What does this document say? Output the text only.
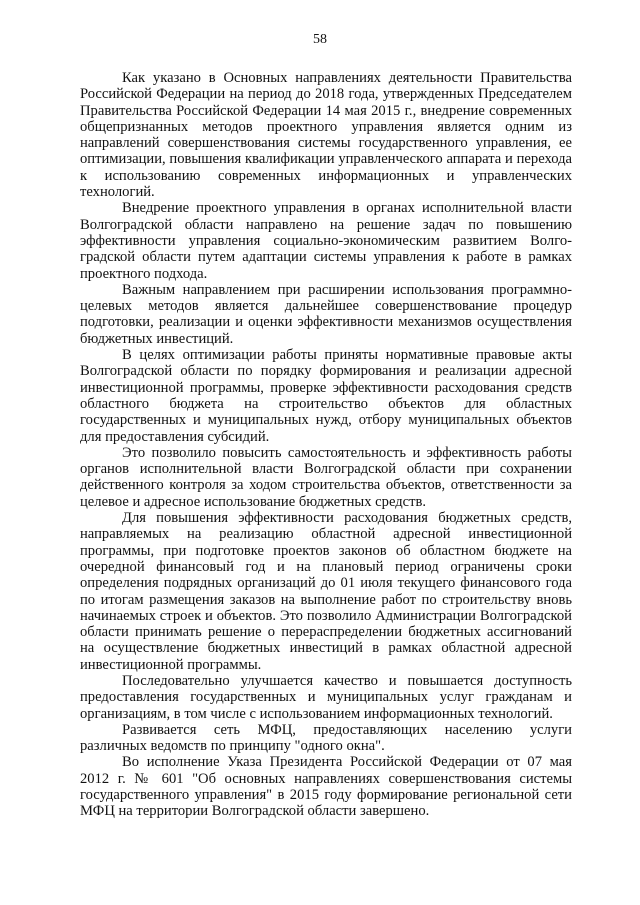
58

Как указано в Основных направлениях деятельности Правительства Российской Федерации на период до 2018 года, утвержденных Председателем Правительства Российской Федерации 14 мая 2015 г., внедрение современных общепризнанных методов проектного управления является одним из направлений совершенствования системы государственного управления, ее оптимизации, повышения квалификации управленческого аппарата и перехода к использованию современных информационных и управленческих технологий.

Внедрение проектного управления в органах исполнительной власти Волгоградской области направлено на решение задач по повышению эффективности управления социально-экономическим развитием Волгоградской области путем адаптации системы управления к работе в рамках проектного подхода.

Важным направлением при расширении использования программноцелевых методов является дальнейшее совершенствование процедур подготовки, реализации и оценки эффективности механизмов осуществления бюджетных инвестиций.

В целях оптимизации работы приняты нормативные правовые акты Волгоградской области по порядку формирования и реализации адресной инвестиционной программы, проверке эффективности расходования средств областного бюджета на строительство объектов для областных государственных и муниципальных нужд, отбору муниципальных объектов для предоставления субсидий.

Это позволило повысить самостоятельность и эффективность работы органов исполнительной власти Волгоградской области при сохранении действенного контроля за ходом строительства объектов, ответственности за целевое и адресное использование бюджетных средств.

Для повышения эффективности расходования бюджетных средств, направляемых на реализацию областной адресной инвестиционной программы, при подготовке проектов законов об областном бюджете на очередной финансовый год и на плановый период ограничены сроки определения подрядных организаций до 01 июля текущего финансового года по итогам размещения заказов на выполнение работ по строительству вновь начинаемых строек и объектов. Это позволило Администрации Волгоградской области принимать решение о перераспределении бюджетных ассигнований на осуществление бюджетных инвестиций в рамках областной адресной инвестиционной программы.

Последовательно улучшается качество и повышается доступность предоставления государственных и муниципальных услуг гражданам и организациям, в том числе с использованием информационных технологий.

Развивается сеть МФЦ, предоставляющих населению услуги различных ведомств по принципу "одного окна".

Во исполнение Указа Президента Российской Федерации от 07 мая 2012 г. № 601 "Об основных направлениях совершенствования системы государственного управления" в 2015 году формирование региональной сети МФЦ на территории Волгоградской области завершено.
